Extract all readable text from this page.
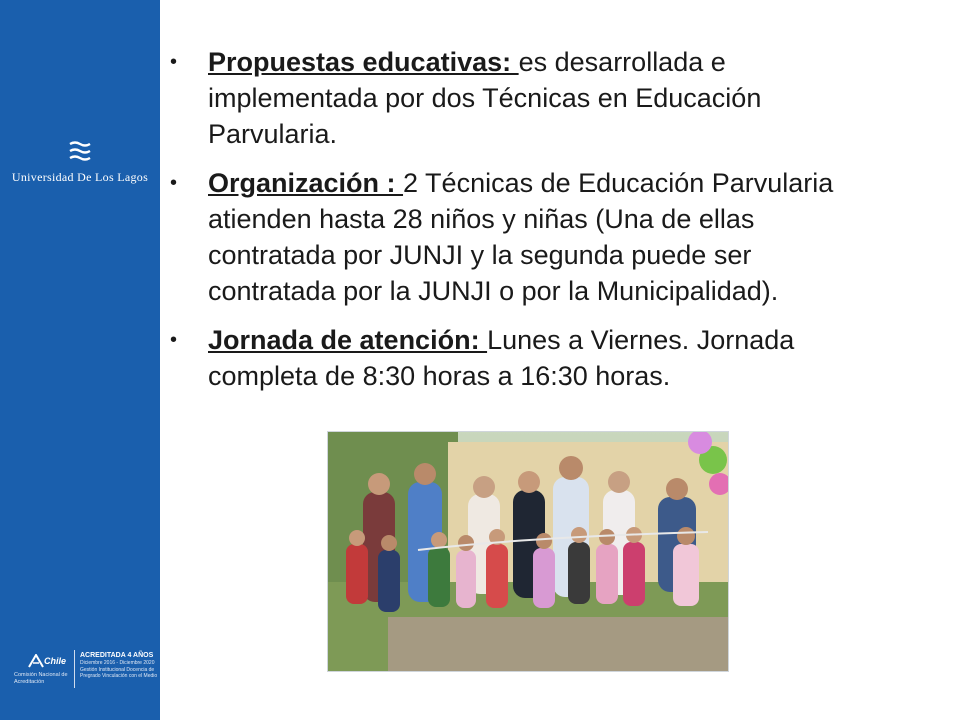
Universidad De Los Lagos
Chile
Comisión Nacional de Acreditación
ACREDITADA 4 AÑOS
Diciembre 2016 - Diciembre 2020
Gestión Institucional Docencia de Pregrado Vinculación con el Medio
• Propuestas educativas: es desarrollada e implementada por dos Técnicas en Educación Parvularia.
• Organización : 2 Técnicas de Educación Parvularia atienden hasta 28 niños y niñas (Una de ellas contratada por JUNJI y la segunda puede ser contratada por la JUNJI o por la Municipalidad).
• Jornada de atención: Lunes a Viernes. Jornada completa de 8:30 horas a 16:30 horas.
